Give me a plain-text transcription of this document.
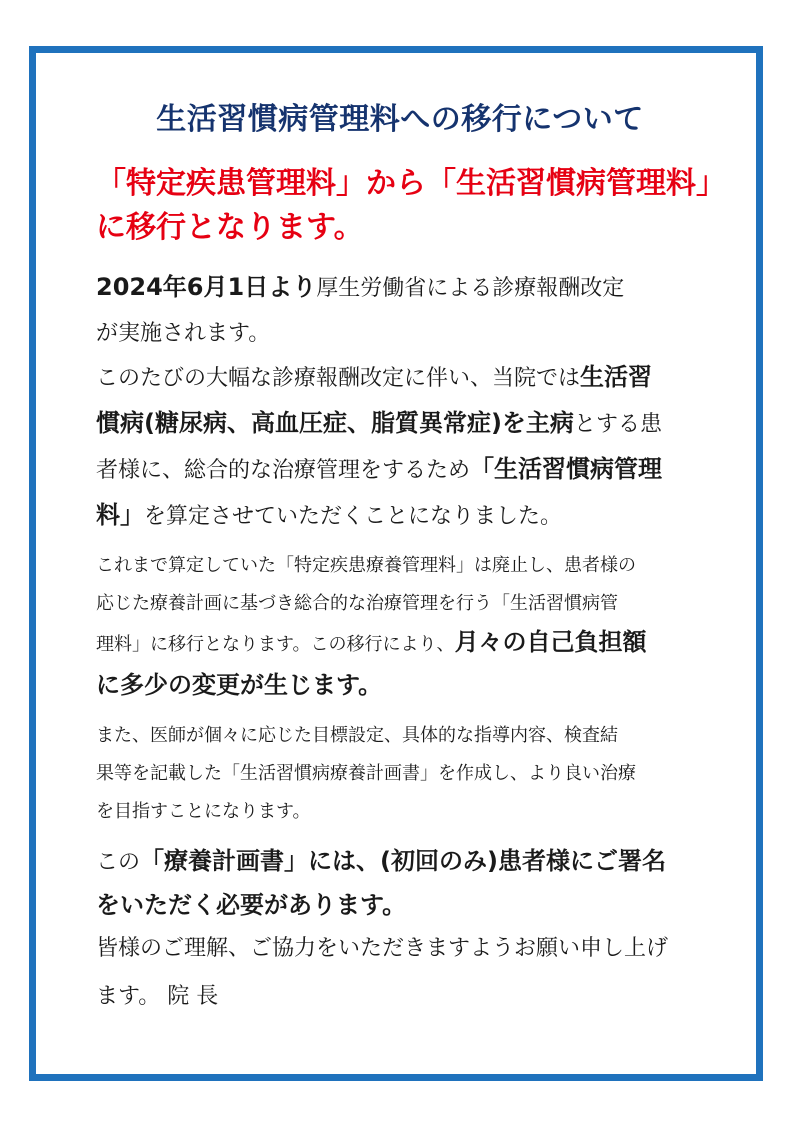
生活習慣病管理料への移行について
「特定疾患管理料」から「生活習慣病管理料」
に移行となります。
2024年6月1日より厚生労働省による診療報酬改定
が実施されます。
このたびの大幅な診療報酬改定に伴い、当院では生活習
慣病(糖尿病、高血圧症、脂質異常症)を主病とする患
者様に、総合的な治療管理をするため「生活習慣病管理
料」を算定させていただくことになりました。
これまで算定していた「特定疾患療養管理料」は廃止し、患者様の
応じた療養計画に基づき総合的な治療管理を行う「生活習慣病管
理料」に移行となります。この移行により、月々の自己負担額
に多少の変更が生じます。
また、医師が個々に応じた目標設定、具体的な指導内容、検査結
果等を記載した「生活習慣病療養計画書」を作成し、より良い治療
を目指すことになります。
この「療養計画書」には、(初回のみ)患者様にご署名
をいただく必要があります。
皆様のご理解、ご協力をいただきますようお願い申し上げ
ます。 院 長
